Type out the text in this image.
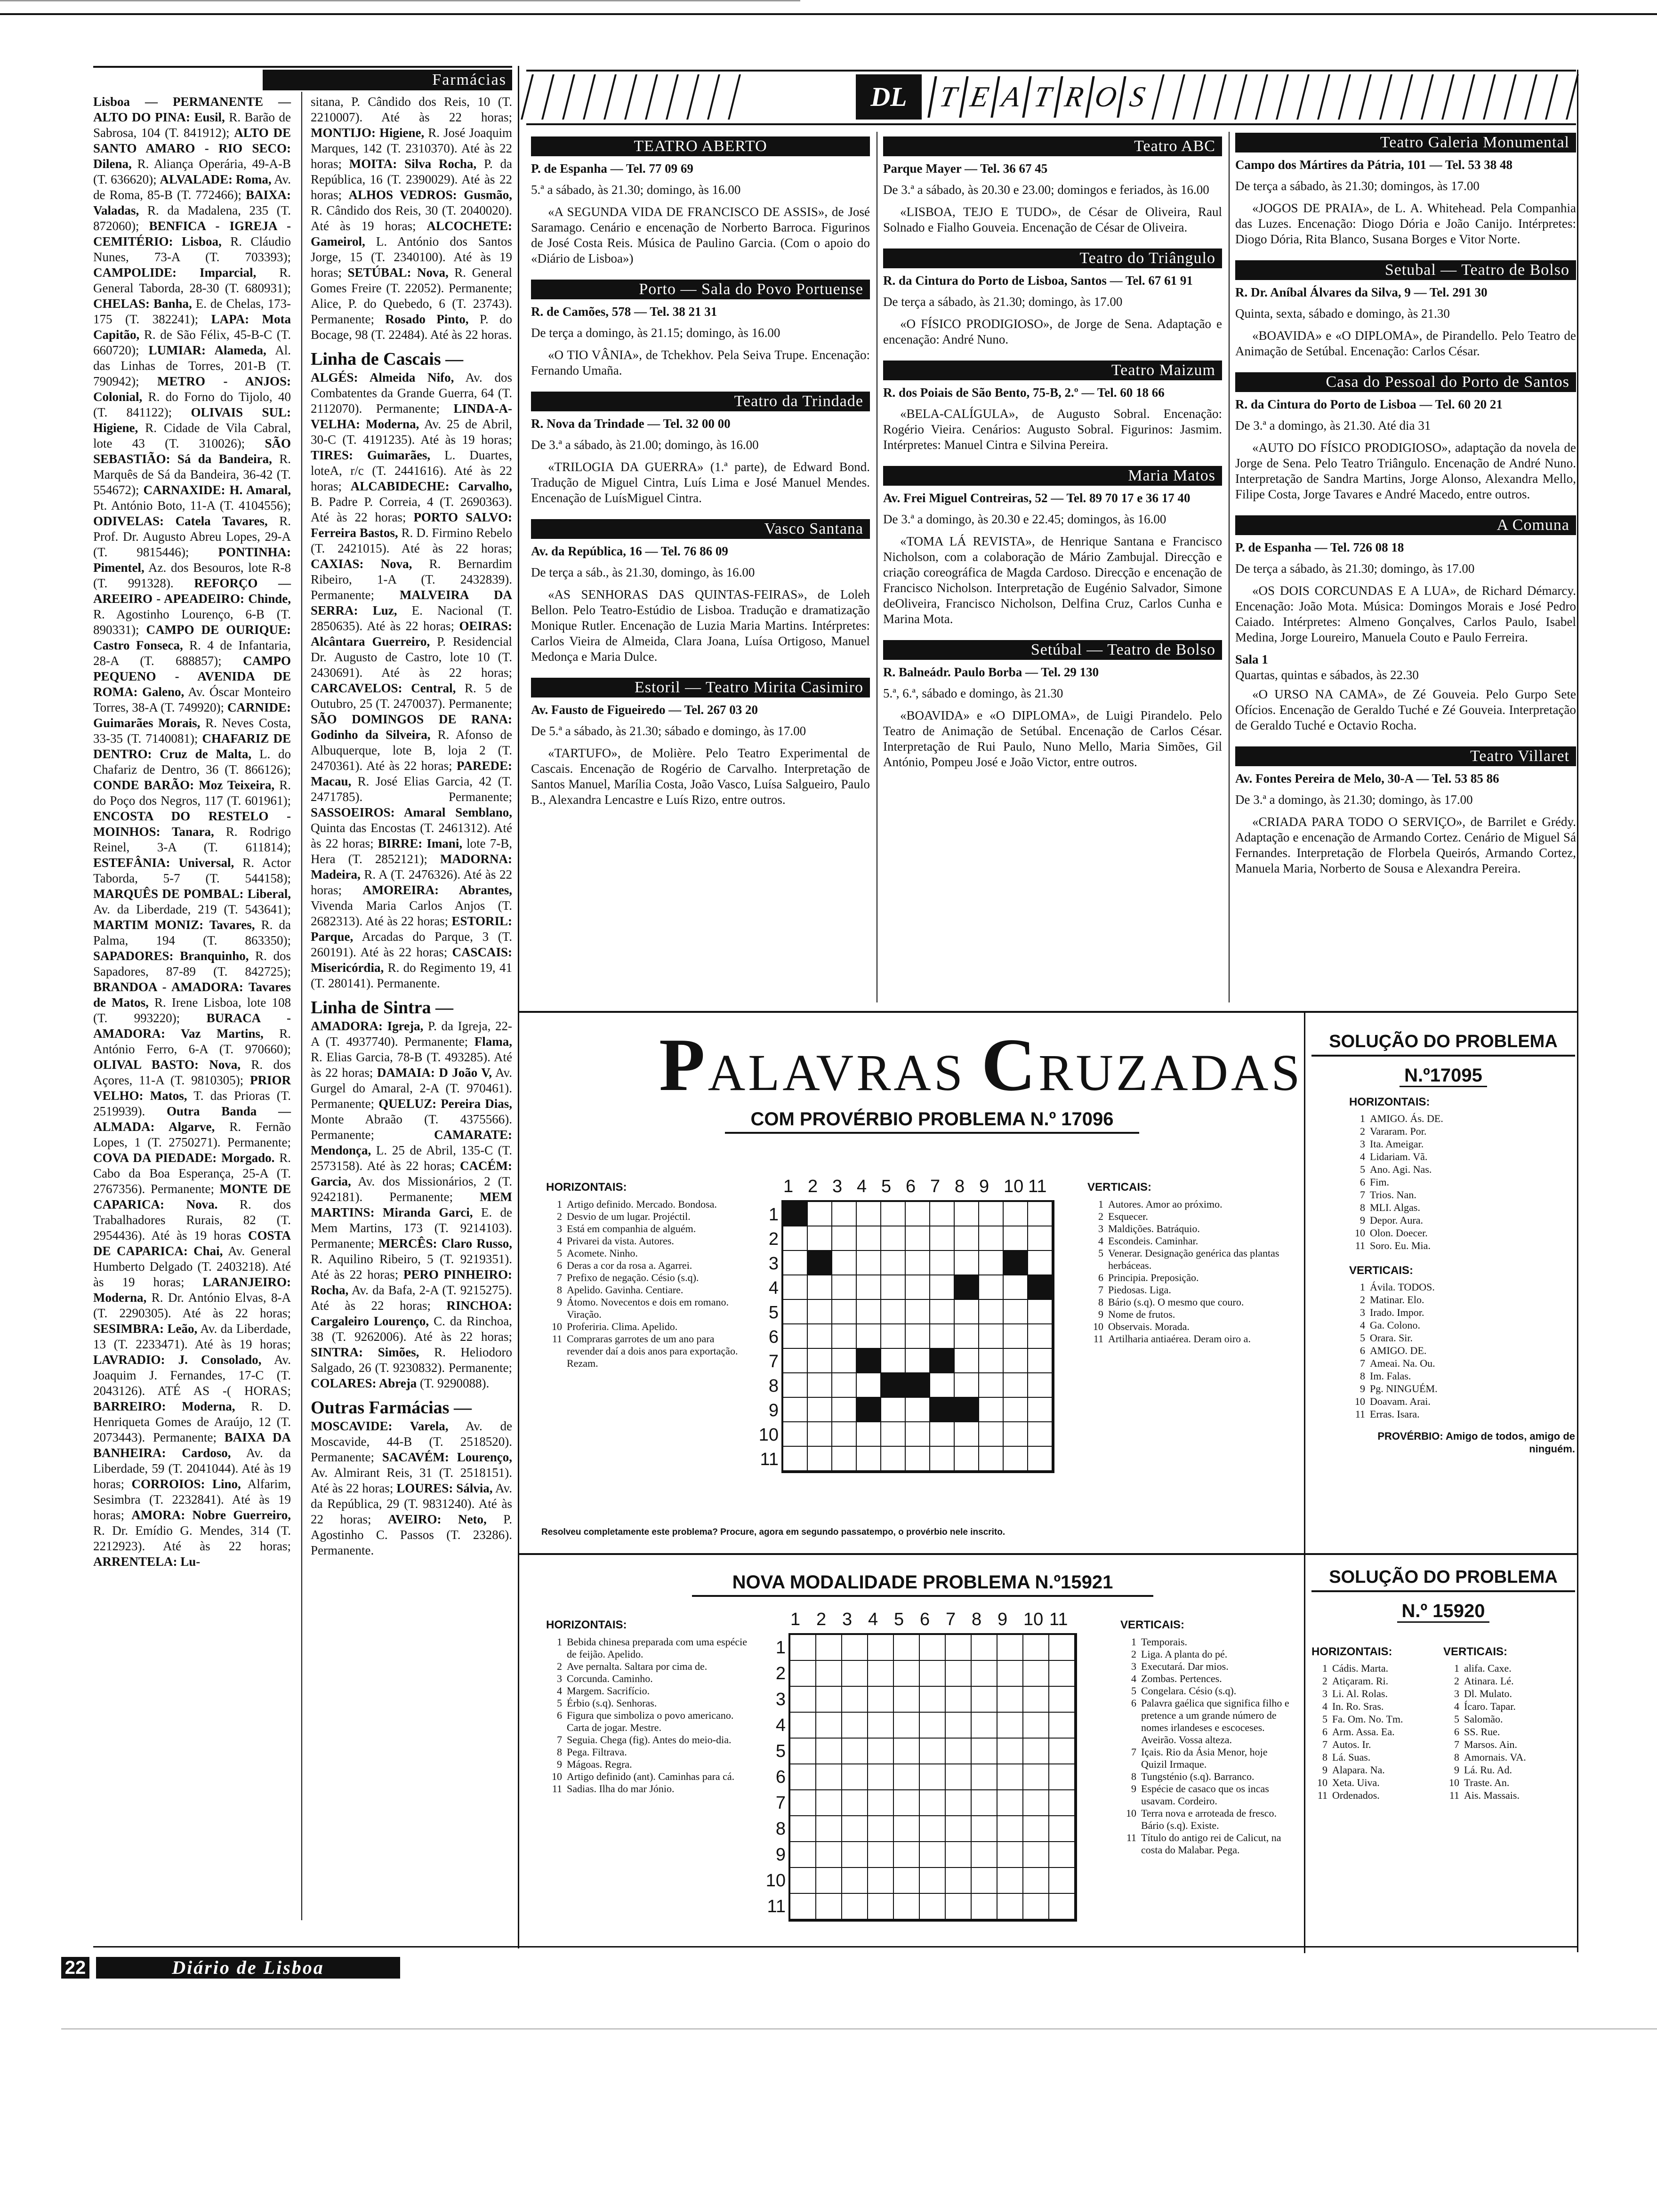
Farmácias
Lisboa — PERMANENTE — ALTO DO PINA: Eusil, R. Barão de Sabrosa, 104 (T. 841912); ALTO DE SANTO AMARO - RIO SECO: Dilena, R. Aliança Operária, 49-A-B (T. 636620); ALVALADE: Roma, Av. de Roma, 85-B (T. 772466); BAIXA: Valadas, R. da Madalena, 235 (T. 872060); BENFICA - IGREJA - CEMITÉRIO: Lisboa, R. Cláudio Nunes, 73-A (T. 703393); CAMPOLIDE: Imparcial, R. General Taborda, 28-30 (T. 680931); CHELAS: Banha, E. de Chelas, 173-175 (T. 382241); LAPA: Mota Capitão, R. de São Félix, 45-B-C (T. 660720); LUMIAR: Alameda, Al. das Linhas de Torres, 201-B (T. 790942); METRO - ANJOS: Colonial, R. do Forno do Tijolo, 40 (T. 841122); OLIVAIS SUL: Higiene, R. Cidade de Vila Cabral, lote 43 (T. 310026); SÃO SEBASTIÃO: Sá da Bandeira, R. Marquês de Sá da Bandeira, 36-42 (T. 554672); CARNAXIDE: H. Amaral, Pt. António Boto, 11-A (T. 4104556); ODIVELAS: Catela Tavares, R. Prof. Dr. Augusto Abreu Lopes, 29-A (T. 9815446); PONTINHA: Pimentel, Az. dos Besouros, lote R-8 (T. 991328). REFORÇO — AREEIRO - APEADEIRO: Chinde, R. Agostinho Lourenço, 6-B (T. 890331); CAMPO DE OURIQUE: Castro Fonseca, R. 4 de Infantaria, 28-A (T. 688857); CAMPO PEQUENO - AVENIDA DE ROMA: Galeno, Av. Óscar Monteiro Torres, 38-A (T. 749920); CARNIDE: Guimarães Morais, R. Neves Costa, 33-35 (T. 7140081); CHAFARIZ DE DENTRO: Cruz de Malta, L. do Chafariz de Dentro, 36 (T. 866126); CONDE BARÃO: Moz Teixeira, R. do Poço dos Negros, 117 (T. 601961); ENCOSTA DO RESTELO - MOINHOS: Tanara, R. Rodrigo Reinel, 3-A (T. 611814); ESTEFÂNIA: Universal, R. Actor Taborda, 5-7 (T. 544158); MARQUÊS DE POMBAL: Liberal, Av. da Liberdade, 219 (T. 543641); MARTIM MONIZ: Tavares, R. da Palma, 194 (T. 863350); SAPADORES: Branquinho, R. dos Sapadores, 87-89 (T. 842725); BRANDOA - AMADORA: Tavares de Matos, R. Irene Lisboa, lote 108 (T. 993220); BURACA - AMADORA: Vaz Martins, R. António Ferro, 6-A (T. 970660); OLIVAL BASTO: Nova, R. dos Açores, 11-A (T. 9810305); PRIOR VELHO: Matos, T. das Prioras (T. 2519939). Outra Banda — ALMADA: Algarve, R. Fernão Lopes, 1 (T. 2750271). Permanente; COVA DA PIEDADE: Morgado. R. Cabo da Boa Esperança, 25-A (T. 2767356). Permanente; MONTE DE CAPARICA: Nova. R. dos Trabalhadores Rurais, 82 (T. 2954436). Até às 19 horas COSTA DE CAPARICA: Chai, Av. General Humberto Delgado (T. 2403218). Até às 19 horas; LARANJEIRO: Moderna, R. Dr. António Elvas, 8-A (T. 2290305). Até às 22 horas; SESIMBRA: Leão, Av. da Liberdade, 13 (T. 2233471). Até às 19 horas; LAVRADIO: J. Consolado, Av. Joaquim J. Fernandes, 17-C (T. 2043126). ATÉ AS -( HORAS; BARREIRO: Moderna, R. D. Henriqueta Gomes de Araújo, 12 (T. 2073443). Permanente; BAIXA DA BANHEIRA: Cardoso, Av. da Liberdade, 59 (T. 2041044). Até às 19 horas; CORROIOS: Lino, Alfarim, Sesimbra (T. 2232841). Até às 19 horas; AMORA: Nobre Guerreiro, R. Dr. Emídio G. Mendes, 314 (T. 2212923). Até às 22 horas; ARRENTELA: Lu-
sitana, P. Cândido dos Reis, 10 (T. 2210007). Até às 22 horas; MONTIJO: Higiene, R. José Joaquim Marques, 142 (T. 2310370). Até às 22 horas; MOITA: Silva Rocha, P. da República, 16 (T. 2390029). Até às 22 horas; ALHOS VEDROS: Gusmão, R. Cândido dos Reis, 30 (T. 2040020). Até às 19 horas; ALCOCHETE: Gameirol, L. António dos Santos Jorge, 15 (T. 2340100). Até às 19 horas; SETÚBAL: Nova, R. General Gomes Freire (T. 22052). Permanente; Alice, P. do Quebedo, 6 (T. 23743). Permanente; Rosado Pinto, P. do Bocage, 98 (T. 22484). Até às 22 horas.
Linha de Cascais —
ALGÉS: Almeida Nifo, Av. dos Combatentes da Grande Guerra, 64 (T. 2112070). Permanente; LINDA-A-VELHA: Moderna, Av. 25 de Abril, 30-C (T. 4191235). Até às 19 horas; TIRES: Guimarães, L. Duartes, loteA, r/c (T. 2441616). Até às 22 horas; ALCABIDECHE: Carvalho, B. Padre P. Correia, 4 (T. 2690363). Até às 22 horas; PORTO SALVO: Ferreira Bastos, R. D. Firmino Rebelo (T. 2421015). Até às 22 horas; CAXIAS: Nova, R. Bernardim Ribeiro, 1-A (T. 2432839). Permanente; MALVEIRA DA SERRA: Luz, E. Nacional (T. 2850635). Até às 22 horas; OEIRAS: Alcântara Guerreiro, P. Residencial Dr. Augusto de Castro, lote 10 (T. 2430691). Até às 22 horas; CARCAVELOS: Central, R. 5 de Outubro, 25 (T. 2470037). Permanente; SÃO DOMINGOS DE RANA: Godinho da Silveira, R. Afonso de Albuquerque, lote B, loja 2 (T. 2470361). Até às 22 horas; PAREDE: Macau, R. José Elias Garcia, 42 (T. 2471785). Permanente; SASSOEIROS: Amaral Semblano, Quinta das Encostas (T. 2461312). Até às 22 horas; BIRRE: Imani, lote 7-B, Hera (T. 2852121); MADORNA: Madeira, R. A (T. 2476326). Até às 22 horas; AMOREIRA: Abrantes, Vivenda Maria Carlos Anjos (T. 2682313). Até às 22 horas; ESTORIL: Parque, Arcadas do Parque, 3 (T. 260191). Até às 22 horas; CASCAIS: Misericórdia, R. do Regimento 19, 41 (T. 280141). Permanente.
Linha de Sintra —
AMADORA: Igreja, P. da Igreja, 22-A (T. 4937740). Permanente; Flama, R. Elias Garcia, 78-B (T. 493285). Até às 22 horas; DAMAIA: D João V, Av. Gurgel do Amaral, 2-A (T. 970461). Permanente; QUELUZ: Pereira Dias, Monte Abraão (T. 4375566). Permanente; CAMARATE: Mendonça, L. 25 de Abril, 135-C (T. 2573158). Até às 22 horas; CACÉM: Garcia, Av. dos Missionários, 2 (T. 9242181). Permanente; MEM MARTINS: Miranda Garci, E. de Mem Martins, 173 (T. 9214103). Permanente; MERCÊS: Claro Russo, R. Aquilino Ribeiro, 5 (T. 9219351). Até às 22 horas; PERO PINHEIRO: Rocha, Av. da Bafa, 2-A (T. 9215275). Até às 22 horas; RINCHOA: Cargaleiro Lourenço, C. da Rinchoa, 38 (T. 9262006). Até às 22 horas; SINTRA: Simões, R. Heliodoro Salgado, 26 (T. 9230832). Permanente; COLARES: Abreja (T. 9290088).
Outras Farmácias —
MOSCAVIDE: Varela, Av. de Moscavide, 44-B (T. 2518520). Permanente; SACAVÉM: Lourenço, Av. Almirant Reis, 31 (T. 2518151). Até às 22 horas; LOURES: Sálvia, Av. da República, 29 (T. 9831240). Até às 22 horas; AVEIRO: Neto, P. Agostinho C. Passos (T. 23286). Permanente.
DL	T E A T R O S
TEATRO ABERTO

P. de Espanha — Tel. 77 09 69

5.ª a sábado, às 21.30; domingo, às 16.00

«A SEGUNDA VIDA DE FRANCISCO DE ASSIS», de José Saramago. Cenário e encenação de Norberto Barroca. Figurinos de José Costa Reis. Música de Paulino Garcia. (Com o apoio do «Diário de Lisboa»)

Porto — Sala do Povo Portuense

R. de Camões, 578 — Tel. 38 21 31

De terça a domingo, às 21.15; domingo, às 16.00

«O TIO VÂNIA», de Tchekhov. Pela Seiva Trupe. Encenação: Fernando Umaña.

Teatro da Trindade

R. Nova da Trindade — Tel. 32 00 00

De 3.ª a sábado, às 21.00; domingo, às 16.00

«TRILOGIA DA GUERRA» (1.ª parte), de Edward Bond. Tradução de Miguel Cintra, Luís Lima e José Manuel Mendes. Encenação de LuísMiguel Cintra.

Vasco Santana

Av. da República, 16 — Tel. 76 86 09

De terça a sáb., às 21.30, domingo, às 16.00

«AS SENHORAS DAS QUINTAS-FEIRAS», de Loleh Bellon. Pelo Teatro-Estúdio de Lisboa. Tradução e dramatização Monique Rutler. Encenação de Luzia Maria Martins. Intérpretes: Carlos Vieira de Almeida, Clara Joana, Luísa Ortigoso, Manuel Medonça e Maria Dulce.

Estoril — Teatro Mirita Casimiro

Av. Fausto de Figueiredo — Tel. 267 03 20

De 5.ª a sábado, às 21.30; sábado e domingo, às 17.00

«TARTUFO», de Molière. Pelo Teatro Experimental de Cascais. Encenação de Rogério de Carvalho. Interpretação de Santos Manuel, Marília Costa, João Vasco, Luísa Salgueiro, Paulo B., Alexandra Lencastre e Luís Rizo, entre outros.

Teatro ABC

Parque Mayer — Tel. 36 67 45

De 3.ª a sábado, às 20.30 e 23.00; domingos e feriados, às 16.00

«LISBOA, TEJO E TUDO», de César de Oliveira, Raul Solnado e Fialho Gouveia. Encenação de César de Oliveira.

Teatro do Triângulo

R. da Cintura do Porto de Lisboa, Santos — Tel. 67 61 91

De terça a sábado, às 21.30; domingo, às 17.00

«O FÍSICO PRODIGIOSO», de Jorge de Sena. Adaptação e encenação: André Nuno.

Teatro Maizum

R. dos Poiais de São Bento, 75-B, 2.º — Tel. 60 18 66

«BELA-CALÍGULA», de Augusto Sobral. Encenação: Rogério Vieira. Cenários: Augusto Sobral. Figurinos: Jasmim. Intérpretes: Manuel Cintra e Silvina Pereira.

Maria Matos

Av. Frei Miguel Contreiras, 52 — Tel. 89 70 17 e 36 17 40

De 3.ª a domingo, às 20.30 e 22.45; domingos, às 16.00

«TOMA LÁ REVISTA», de Henrique Santana e Francisco Nicholson, com a colaboração de Mário Zambujal. Direcção e criação coreográfica de Magda Cardoso. Direcção e encenação de Francisco Nicholson. Interpretação de Eugénio Salvador, Simone deOliveira, Francisco Nicholson, Delfina Cruz, Carlos Cunha e Marina Mota.

Setúbal — Teatro de Bolso

R. Balneádr. Paulo Borba — Tel. 29 130

5.ª, 6.ª, sábado e domingo, às 21.30

«BOAVIDA» e «O DIPLOMA», de Luigi Pirandelo. Pelo Teatro de Animação de Setúbal. Encenação de Carlos César. Interpretação de Rui Paulo, Nuno Mello, Maria Simões, Gil António, Pompeu José e João Victor, entre outros.

Teatro Galeria Monumental

Campo dos Mártires da Pátria, 101 — Tel. 53 38 48

De terça a sábado, às 21.30; domingos, às 17.00

«JOGOS DE PRAIA», de L. A. Whitehead. Pela Companhia das Luzes. Encenação: Diogo Dória e João Canijo. Intérpretes: Diogo Dória, Rita Blanco, Susana Borges e Vitor Norte.

Setubal — Teatro de Bolso

R. Dr. Aníbal Álvares da Silva, 9 — Tel. 291 30

Quinta, sexta, sábado e domingo, às 21.30

«BOAVIDA» e «O DIPLOMA», de Pirandello. Pelo Teatro de Animação de Setúbal. Encenação: Carlos César.

Casa do Pessoal do Porto de Santos

R. da Cintura do Porto de Lisboa — Tel. 60 20 21

De 3.ª a domingo, às 21.30. Até dia 31

«AUTO DO FÍSICO PRODIGIOSO», adaptação da novela de Jorge de Sena. Pelo Teatro Triângulo. Encenação de André Nuno. Interpretação de Sandra Martins, Jorge Alonso, Alexandra Mello, Filipe Costa, Jorge Tavares e André Macedo, entre outros.

A Comuna

P. de Espanha — Tel. 726 08 18

De terça a sábado, às 21.30; domingo, às 17.00

«OS DOIS CORCUNDAS E A LUA», de Richard Démarcy. Encenação: João Mota. Música: Domingos Morais e José Pedro Caiado. Intérpretes: Almeno Gonçalves, Carlos Paulo, Isabel Medina, Jorge Loureiro, Manuela Couto e Paulo Ferreira.

Sala 1

Quartas, quintas e sábados, às 22.30

«O URSO NA CAMA», de Zé Gouveia. Pelo Gurpo Sete Ofícios. Encenação de Geraldo Tuché e Zé Gouveia. Interpretação de Geraldo Tuché e Octavio Rocha.

Teatro Villaret

Av. Fontes Pereira de Melo, 30-A — Tel. 53 85 86

De 3.ª a domingo, às 21.30; domingo, às 17.00

«CRIADA PARA TODO O SERVIÇO», de Barrilet e Grédy. Adaptação e encenação de Armando Cortez. Cenário de Miguel Sá Fernandes. Interpretação de Florbela Queirós, Armando Cortez, Manuela Maria, Norberto de Sousa e Alexandra Pereira.

PALAVRAS CRUZADAS
COM PROVÉRBIO PROBLEMA N.º 17096
HORIZONTAIS:
1 Artigo definido. Mercado. Bondosa.
2 Desvio de um lugar. Projéctil.
3 Está em companhia de alguém.
4 Privarei da vista. Autores.
5 Acomete. Ninho.
6 Deras a cor da rosa a. Agarrei.
7 Prefixo de negação. Césio (s.q).
8 Apelido. Gavinha. Centiare.
9 Átomo. Novecentos e dois em romano. Viração.
10 Proferiria. Clima. Apelido.
11 Compraras garrotes de um ano para revender daí a dois anos para exportação. Rezam.
VERTICAIS:
1 Autores. Amor ao próximo.
2 Esquecer.
3 Maldições. Batráquio.
4 Escondeis. Caminhar.
5 Venerar. Designação genérica das plantas herbáceas.
6 Principia. Preposição.
7 Piedosas. Liga.
8 Bário (s.q). O mesmo que couro.
9 Nome de frutos.
10 Observais. Morada.
11 Artilharia antiaérea. Deram oiro a.
1
1
2
2
3
3
4
4
5
5
6
6
7
7
8
8
9
9
10
10
11
11
Resolveu completamente este problema? Procure, agora em segundo passatempo, o provérbio nele inscrito.
SOLUÇÃO DO PROBLEMA
N.º17095
HORIZONTAIS:
1 AMIGO. Ás. DE.
2 Vararam. Por.
3 Ita. Ameigar.
4 Lidariam. Vã.
5 Ano. Agi. Nas.
6 Fim.
7 Trios. Nan.
8 MLI. Algas.
9 Depor. Aura.
10 Olon. Doecer.
11 Soro. Eu. Mia.
VERTICAIS:
1 Ávila. TODOS.
2 Matinar. Elo.
3 Irado. Impor.
4 Ga. Colono.
5 Orara. Sir.
6 AMIGO. DE.
7 Ameai. Na. Ou.
8 Im. Falas.
9 Pg. NINGUÉM.
10 Doavam. Arai.
11 Erras. Isara.
PROVÉRBIO: Amigo de todos, amigo de ninguém.
NOVA MODALIDADE PROBLEMA N.º15921
HORIZONTAIS:
1 Bebida chinesa preparada com uma espécie de feijão. Apelido.
2 Ave pernalta. Saltara por cima de.
3 Corcunda. Caminho.
4 Margem. Sacrifício.
5 Érbio (s.q). Senhoras.
6 Figura que simboliza o povo americano. Carta de jogar. Mestre.
7 Seguia. Chega (fig). Antes do meio-dia.
8 Pega. Filtrava.
9 Mágoas. Regra.
10 Artigo definido (ant). Caminhas para cá.
11 Sadias. Ilha do mar Jónio.
VERTICAIS:
1 Temporais.
2 Liga. A planta do pé.
3 Executará. Dar mios.
4 Zombas. Pertences.
5 Congelara. Césio (s.q).
6 Palavra gaélica que significa filho e pretence a um grande número de nomes irlandeses e escoceses. Aveirão. Vossa alteza.
7 Içais. Rio da Ásia Menor, hoje Quizil Irmaque.
8 Tungsténio (s.q). Barranco.
9 Espécie de casaco que os incas usavam. Cordeiro.
10 Terra nova e arroteada de fresco. Bário (s.q). Existe.
11 Título do antigo rei de Calicut, na costa do Malabar. Pega.
1
1
2
2
3
3
4
4
5
5
6
6
7
7
8
8
9
9
10
10
11
11
SOLUÇÃO DO PROBLEMA
N.º 15920
HORIZONTAIS:
1 Cádis. Marta.
2 Atiçaram. Ri.
3 Li. Al. Rolas.
4 In. Ro. Sras.
5 Fa. Om. No. Tm.
6 Arm. Assa. Ea.
7 Autos. Ir.
8 Lá. Suas.
9 Alapara. Na.
10 Xeta. Uiva.
11 Ordenados.
VERTICAIS:
1 alifa. Caxe.
2 Atinara. Lé.
3 Dl. Mulato.
4 Ícaro. Tapar.
5 Salomão.
6 SS. Rue.
7 Marsos. Ain.
8 Amornais. VA.
9 Lá. Ru. Ad.
10 Traste. An.
11 Ais. Massais.
22	Diário de Lisboa
